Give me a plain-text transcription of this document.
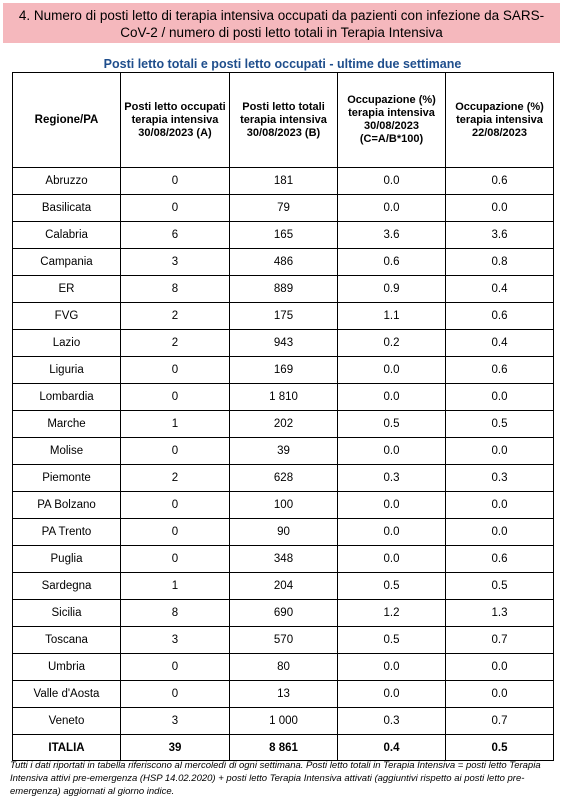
4. Numero di posti letto di terapia intensiva occupati da pazienti con infezione da SARS-CoV-2 / numero di posti letto totali in Terapia Intensiva
Posti letto totali e posti letto occupati - ultime due settimane
Regione/PA	Posti letto occupati terapia intensiva 30/08/2023 (A)	Posti letto totali terapia intensiva 30/08/2023 (B)	Occupazione (%) terapia intensiva 30/08/2023 (C=A/B*100)	Occupazione (%) terapia intensiva 22/08/2023
Abruzzo	0	181	0.0	0.6
Basilicata	0	79	0.0	0.0
Calabria	6	165	3.6	3.6
Campania	3	486	0.6	0.8
ER	8	889	0.9	0.4
FVG	2	175	1.1	0.6
Lazio	2	943	0.2	0.4
Liguria	0	169	0.0	0.6
Lombardia	0	1 810	0.0	0.0
Marche	1	202	0.5	0.5
Molise	0	39	0.0	0.0
Piemonte	2	628	0.3	0.3
PA Bolzano	0	100	0.0	0.0
PA Trento	0	90	0.0	0.0
Puglia	0	348	0.0	0.6
Sardegna	1	204	0.5	0.5
Sicilia	8	690	1.2	1.3
Toscana	3	570	0.5	0.7
Umbria	0	80	0.0	0.0
Valle d'Aosta	0	13	0.0	0.0
Veneto	3	1 000	0.3	0.7
ITALIA	39	8 861	0.4	0.5
Tutti i dati riportati in tabella riferiscono al mercoledì di ogni settimana. Posti letto totali in Terapia Intensiva = posti letto Terapia Intensiva attivi pre-emergenza (HSP 14.02.2020) + posti letto Terapia Intensiva attivati (aggiuntivi rispetto ai posti letto pre-emergenza) aggiornati al giorno indice.
